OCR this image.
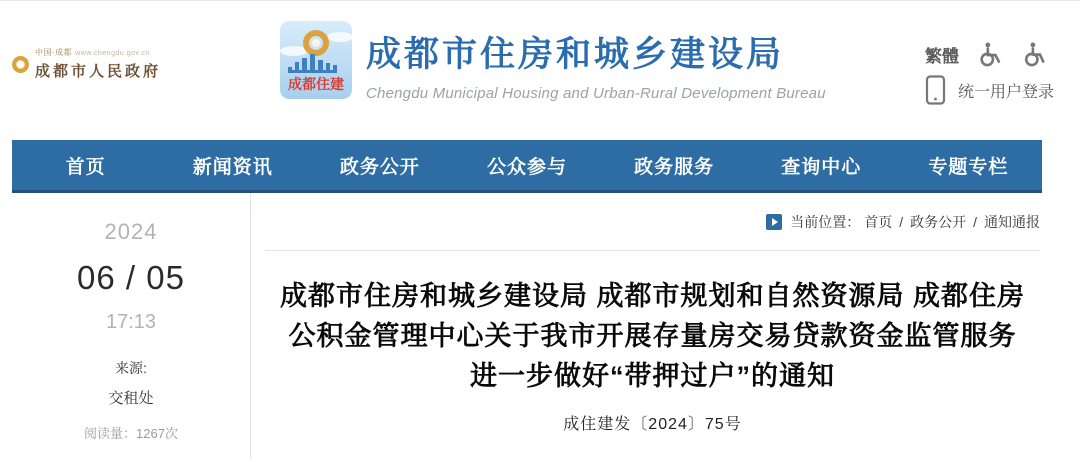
中国·成都 www.chengdu.gov.cn
成都市人民政府
成都住建
成都市住房和城乡建设局
Chengdu Municipal Housing and Urban-Rural Development Bureau
繁體
统一用户登录
首页	新闻资讯	政务公开	公众参与	政务服务	查询中心	专题专栏
2024
06 / 05
17:13
来源:
交租处
阅读量：1267次
当前位置： 首页 / 政务公开 / 通知通报
成都市住房和城乡建设局 成都市规划和自然资源局 成都住房
公积金管理中心关于我市开展存量房交易贷款资金监管服务
进一步做好“带押过户”的通知
成住建发〔2024〕75号
